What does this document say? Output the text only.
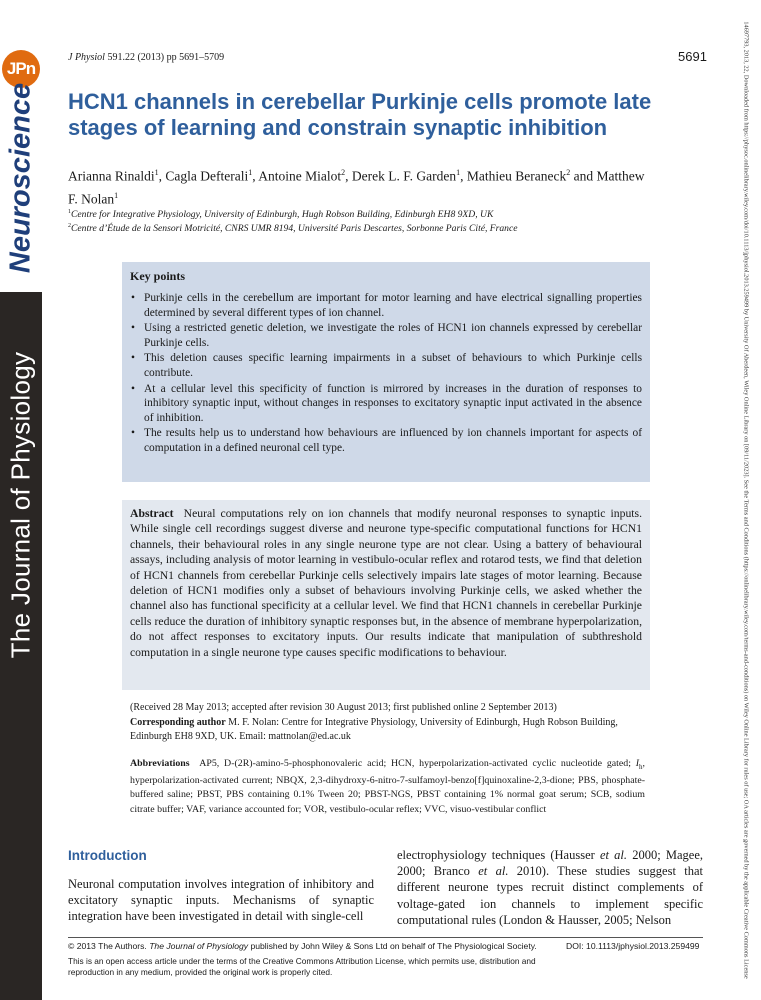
JPn
Neuroscience
The Journal of Physiology	14697793, 2013, 22, Downloaded from https://physoc.onlinelibrary.wiley.com/doi/10.1113/jphysiol.2013.259499 by University Of Aberdeen, Wiley Online Library on [09/11/2023]. See the Terms and Conditions (https://onlinelibrary.wiley.com/terms-and-conditions) on Wiley Online Library for rules of use; OA articles are governed by the applicable Creative Commons License
J Physiol 591.22 (2013) pp 5691–5709	5691
HCN1 channels in cerebellar Purkinje cells promote late stages of learning and constrain synaptic inhibition
Arianna Rinaldi$^1$, Cagla Defterali$^1$, Antoine Mialot$^2$, Derek L. F. Garden$^1$, Mathieu Beraneck$^2$ and Matthew F. Nolan$^1$
$^1$Centre for Integrative Physiology, University of Edinburgh, Hugh Robson Building, Edinburgh EH8 9XD, UK
$^2$Centre d’Étude de la Sensori Motricité, CNRS UMR 8194, Université Paris Descartes, Sorbonne Paris Cité, France
Key points
• Purkinje cells in the cerebellum are important for motor learning and have electrical signalling properties determined by several different types of ion channel.
• Using a restricted genetic deletion, we investigate the roles of HCN1 ion channels expressed by cerebellar Purkinje cells.
• This deletion causes specific learning impairments in a subset of behaviours to which Purkinje cells contribute.
• At a cellular level this specificity of function is mirrored by increases in the duration of responses to inhibitory synaptic input, without changes in responses to excitatory synaptic input activated in the absence of inhibition.
• The results help us to understand how behaviours are influenced by ion channels important for aspects of computation in a defined neuronal cell type.
Abstract Neural computations rely on ion channels that modify neuronal responses to synaptic inputs. While single cell recordings suggest diverse and neurone type-specific computational functions for HCN1 channels, their behavioural roles in any single neurone type are not clear. Using a battery of behavioural assays, including analysis of motor learning in vestibulo-ocular reflex and rotarod tests, we find that deletion of HCN1 channels from cerebellar Purkinje cells selectively impairs late stages of motor learning. Because deletion of HCN1 modifies only a subset of behaviours involving Purkinje cells, we asked whether the channel also has functional specificity at a cellular level. We find that HCN1 channels in cerebellar Purkinje cells reduce the duration of inhibitory synaptic responses but, in the absence of membrane hyperpolarization, do not affect responses to excitatory inputs. Our results indicate that manipulation of subthreshold computation in a single neurone type causes specific modifications to behaviour.
(Received 28 May 2013; accepted after revision 30 August 2013; first published online 2 September 2013)
Corresponding author M. F. Nolan: Centre for Integrative Physiology, University of Edinburgh, Hugh Robson Building, Edinburgh EH8 9XD, UK. Email: mattnolan@ed.ac.uk
Abbreviations AP5, D-(2R)-amino-5-phosphonovaleric acid; HCN, hyperpolarization-activated cyclic nucleotide gated; $I_h$, hyperpolarization-activated current; NBQX, 2,3-dihydroxy-6-nitro-7-sulfamoyl-benzo[f]quinoxaline-2,3-dione; PBS, phosphate-buffered saline; PBST, PBS containing 0.1% Tween 20; PBST-NGS, PBST containing 1% normal goat serum; SCB, sodium citrate buffer; VAF, variance accounted for; VOR, vestibulo-ocular reflex; VVC, visuo-vestibular conflict
Introduction
Neuronal computation involves integration of inhibitory and excitatory synaptic inputs. Mechanisms of synaptic integration have been investigated in detail with single-cell
electrophysiology techniques (Hausser et al. 2000; Magee, 2000; Branco et al. 2010). These studies suggest that different neurone types recruit distinct complements of voltage-gated ion channels to implement specific computational rules (London & Hausser, 2005; Nelson
© 2013 The Authors. The Journal of Physiology published by John Wiley & Sons Ltd on behalf of The Physiological Society.	DOI: 10.1113/jphysiol.2013.259499
This is an open access article under the terms of the Creative Commons Attribution License, which permits use, distribution and reproduction in any medium, provided the original work is properly cited.
